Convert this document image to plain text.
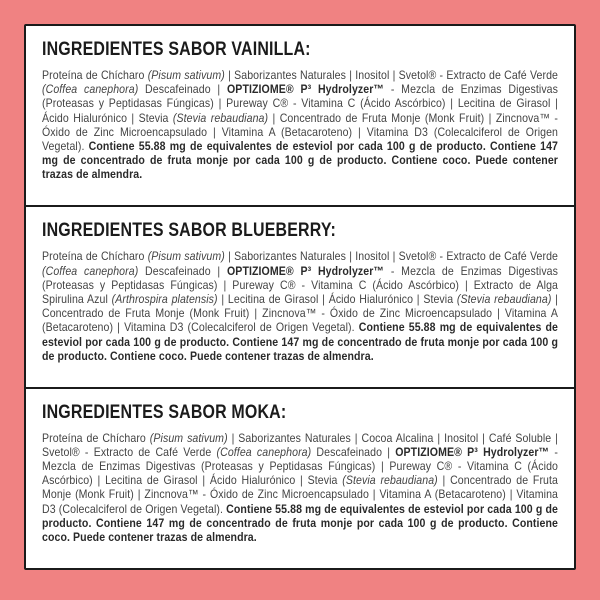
INGREDIENTES SABOR VAINILLA:

Proteína de Chícharo (Pisum sativum) | Saborizantes Naturales | Inositol | Svetol® - Extracto de Café Verde (Coffea canephora) Descafeinado | OPTIZIOME® P³ Hydrolyzer™ - Mezcla de Enzimas Digestivas (Proteasas y Peptidasas Fúngicas) | Pureway C® - Vitamina C (Ácido Ascórbico) | Lecitina de Girasol | Ácido Hialurónico | Stevia (Stevia rebaudiana) | Concentrado de Fruta Monje (Monk Fruit) | Zincnova™ - Óxido de Zinc Microencapsulado | Vitamina A (Betacaroteno) | Vitamina D3 (Colecalciferol de Origen Vegetal). Contiene 55.88 mg de equivalentes de esteviol por cada 100 g de producto. Contiene 147 mg de concentrado de fruta monje por cada 100 g de producto. Contiene coco. Puede contener trazas de almendra.

INGREDIENTES SABOR BLUEBERRY:

Proteína de Chícharo (Pisum sativum) | Saborizantes Naturales | Inositol | Svetol® - Extracto de Café Verde (Coffea canephora) Descafeinado | OPTIZIOME® P³ Hydrolyzer™ - Mezcla de Enzimas Digestivas (Proteasas y Peptidasas Fúngicas) | Pureway C® - Vitamina C (Ácido Ascórbico) | Extracto de Alga Spirulina Azul (Arthrospira platensis) | Lecitina de Girasol | Ácido Hialurónico | Stevia (Stevia rebaudiana) | Concentrado de Fruta Monje (Monk Fruit) | Zincnova™ - Óxido de Zinc Microencapsulado | Vitamina A (Betacaroteno) | Vitamina D3 (Colecalciferol de Origen Vegetal). Contiene 55.88 mg de equivalentes de esteviol por cada 100 g de producto. Contiene 147 mg de concentrado de fruta monje por cada 100 g de producto. Contiene coco. Puede contener trazas de almendra.

INGREDIENTES SABOR MOKA:

Proteína de Chícharo (Pisum sativum) | Saborizantes Naturales | Cocoa Alcalina | Inositol | Café Soluble | Svetol® - Extracto de Café Verde (Coffea canephora) Descafeinado | OPTIZIOME® P³ Hydrolyzer™ - Mezcla de Enzimas Digestivas (Proteasas y Peptidasas Fúngicas) | Pureway C® - Vitamina C (Ácido Ascórbico) | Lecitina de Girasol | Ácido Hialurónico | Stevia (Stevia rebaudiana) | Concentrado de Fruta Monje (Monk Fruit) | Zincnova™ - Óxido de Zinc Microencapsulado | Vitamina A (Betacaroteno) | Vitamina D3 (Colecalciferol de Origen Vegetal). Contiene 55.88 mg de equivalentes de esteviol por cada 100 g de producto. Contiene 147 mg de concentrado de fruta monje por cada 100 g de producto. Contiene coco. Puede contener trazas de almendra.
